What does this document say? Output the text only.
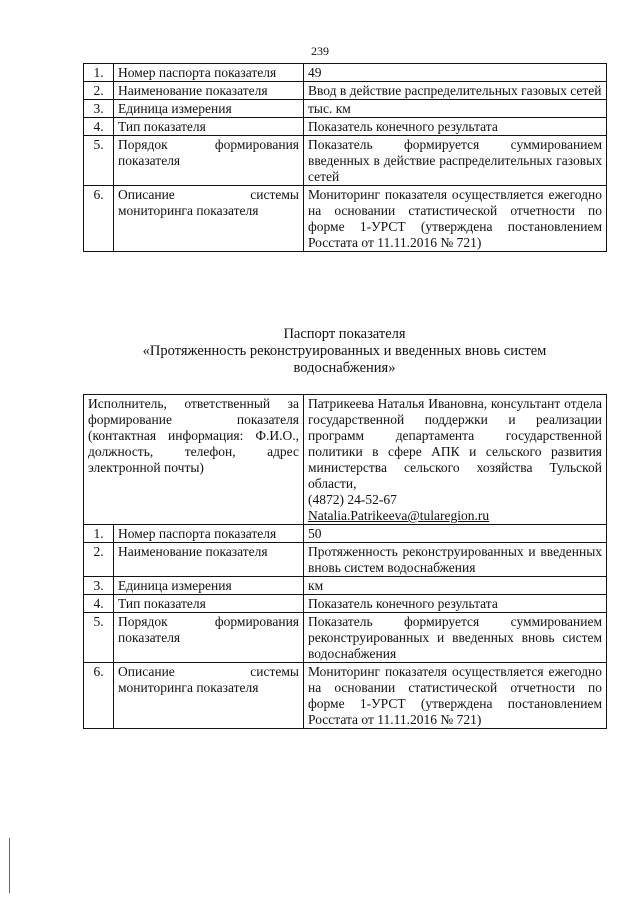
239
1.	Номер паспорта показателя	49
2.	Наименование показателя	Ввод в действие распределительных газовых сетей
3.	Единица измерения	тыс. км
4.	Тип показателя	Показатель конечного результата
5.	Порядок формирования показателя	Показатель формируется суммированием введенных в действие распределительных газовых сетей
6.	Описание системы мониторинга показателя	Мониторинг показателя осуществляется ежегодно на основании статистической отчетности по форме 1-УРСТ (утверждена постановлением Росстата от 11.11.2016 № 721)
Паспорт показателя
«Протяженность реконструированных и введенных вновь систем
водоснабжения»
Исполнитель, ответственный за формирование показателя (контактная информация: Ф.И.О., должность, телефон, адрес электронной почты)		Патрикеева Наталья Ивановна, консультант отдела государственной поддержки и реализации программ департамента государственной политики в сфере АПК и сельского развития министерства сельского хозяйства Тульской области,
(4872) 24-52-67
Natalia.Patrikeeva@tularegion.ru
1.	Номер паспорта показателя	50
2.	Наименование показателя	Протяженность реконструированных и введенных вновь систем водоснабжения
3.	Единица измерения	км
4.	Тип показателя	Показатель конечного результата
5.	Порядок формирования показателя	Показатель формируется суммированием реконструированных и введенных вновь систем водоснабжения
6.	Описание системы мониторинга показателя	Мониторинг показателя осуществляется ежегодно на основании статистической отчетности по форме 1-УРСТ (утверждена постановлением Росстата от 11.11.2016 № 721)
